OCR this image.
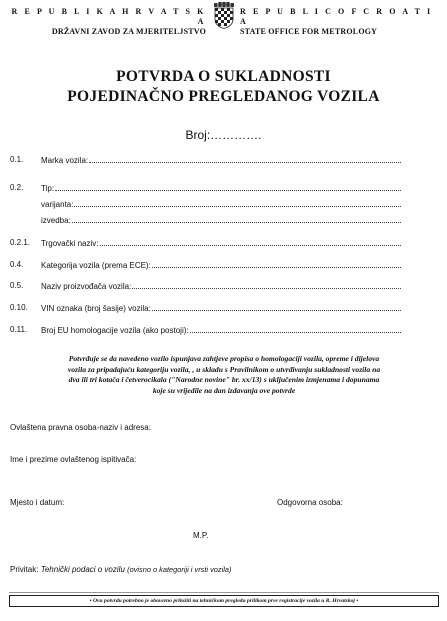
R E P U B L I K A H R V A T S K A
DRŽAVNI ZAVOD ZA MJERITELJSTVO
R E P U B L I C O F C R O A T I A
STATE OFFICE FOR METROLOGY
POTVRDA O SUKLADNOSTI
POJEDINAČNO PREGLEDANOG VOZILA
Broj:………….
0.1.	Marka vozila:
0.2.	Tip:
varijanta:
izvedba:
0.2.1.	Trgovački naziv:
0.4.	Kategorija vozila (prema ECE):
0.5.	Naziv proizvođača vozila:
0.10.	VIN oznaka (broj šasije) vozila:
0.11.	Broj EU homologacije vozila (ako postoji):
Potvrđuje se da navedeno vozilo ispunjava zahtjeve propisa o homologaciji vozila, opreme i dijelova
vozila za pripadajuću kategoriju vozila, , u skladu s Pravilnikom o utvrđivanju sukladnosti vozila na
dva ili tri kotača i četverocikala ("Narodne novine" br. xx/13) s uključenim izmjenama i dopunama
koje su vrijedile na dan izdavanja ove potvrde
Ovlaštena pravna osoba-naziv i adresa:
Ime i prezime ovlaštenog ispitivača:
Mjesto i datum:	Odgovorna osoba:
M.P.
Privitak: Tehnički podaci o vozilu (ovisno o kategoriji i vrsti vozila)
• Ovu potvrdu potrebno je obavezno priložiti na tehničkom pregledu prilikom prve registracije vozila u R. Hrvatskoj •
